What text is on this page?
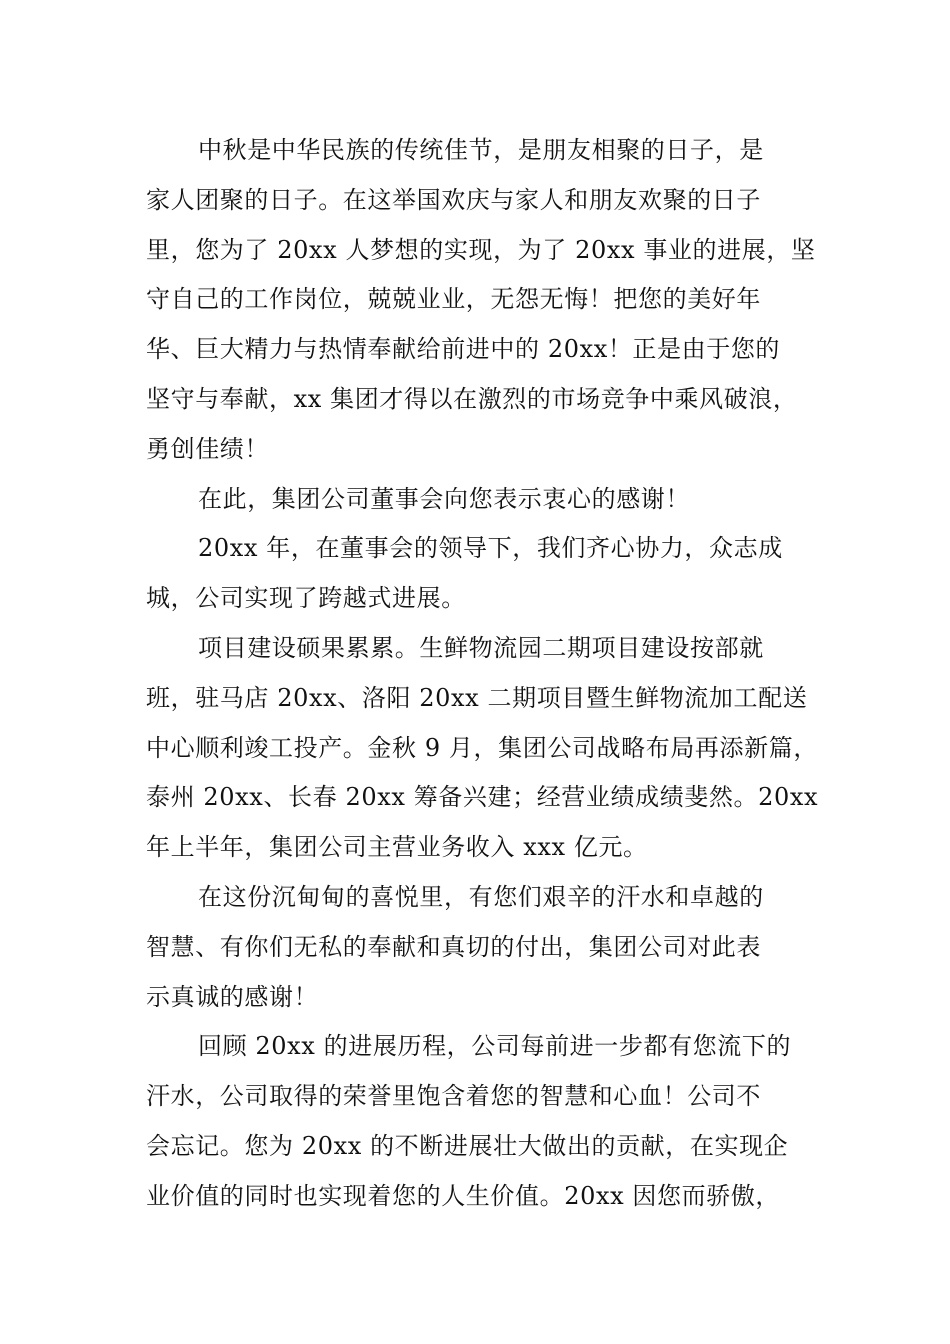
中秋是中华民族的传统佳节，是朋友相聚的日子，是
家人团聚的日子。在这举国欢庆与家人和朋友欢聚的日子
里，您为了 20xx 人梦想的实现，为了 20xx 事业的进展，坚
守自己的工作岗位，兢兢业业，无怨无悔！把您的美好年
华、巨大精力与热情奉献给前进中的 20xx！正是由于您的
坚守与奉献，xx 集团才得以在激烈的市场竞争中乘风破浪，
勇创佳绩！
在此，集团公司董事会向您表示衷心的感谢！
20xx 年，在董事会的领导下，我们齐心协力，众志成
城，公司实现了跨越式进展。
项目建设硕果累累。生鲜物流园二期项目建设按部就
班，驻马店 20xx、洛阳 20xx 二期项目暨生鲜物流加工配送
中心顺利竣工投产。金秋 9 月，集团公司战略布局再添新篇，
泰州 20xx、长春 20xx 筹备兴建；经营业绩成绩斐然。20xx
年上半年，集团公司主营业务收入 xxx 亿元。
在这份沉甸甸的喜悦里，有您们艰辛的汗水和卓越的
智慧、有你们无私的奉献和真切的付出，集团公司对此表
示真诚的感谢！
回顾 20xx 的进展历程，公司每前进一步都有您流下的
汗水，公司取得的荣誉里饱含着您的智慧和心血！公司不
会忘记。您为 20xx 的不断进展壮大做出的贡献，在实现企
业价值的同时也实现着您的人生价值。20xx 因您而骄傲，
